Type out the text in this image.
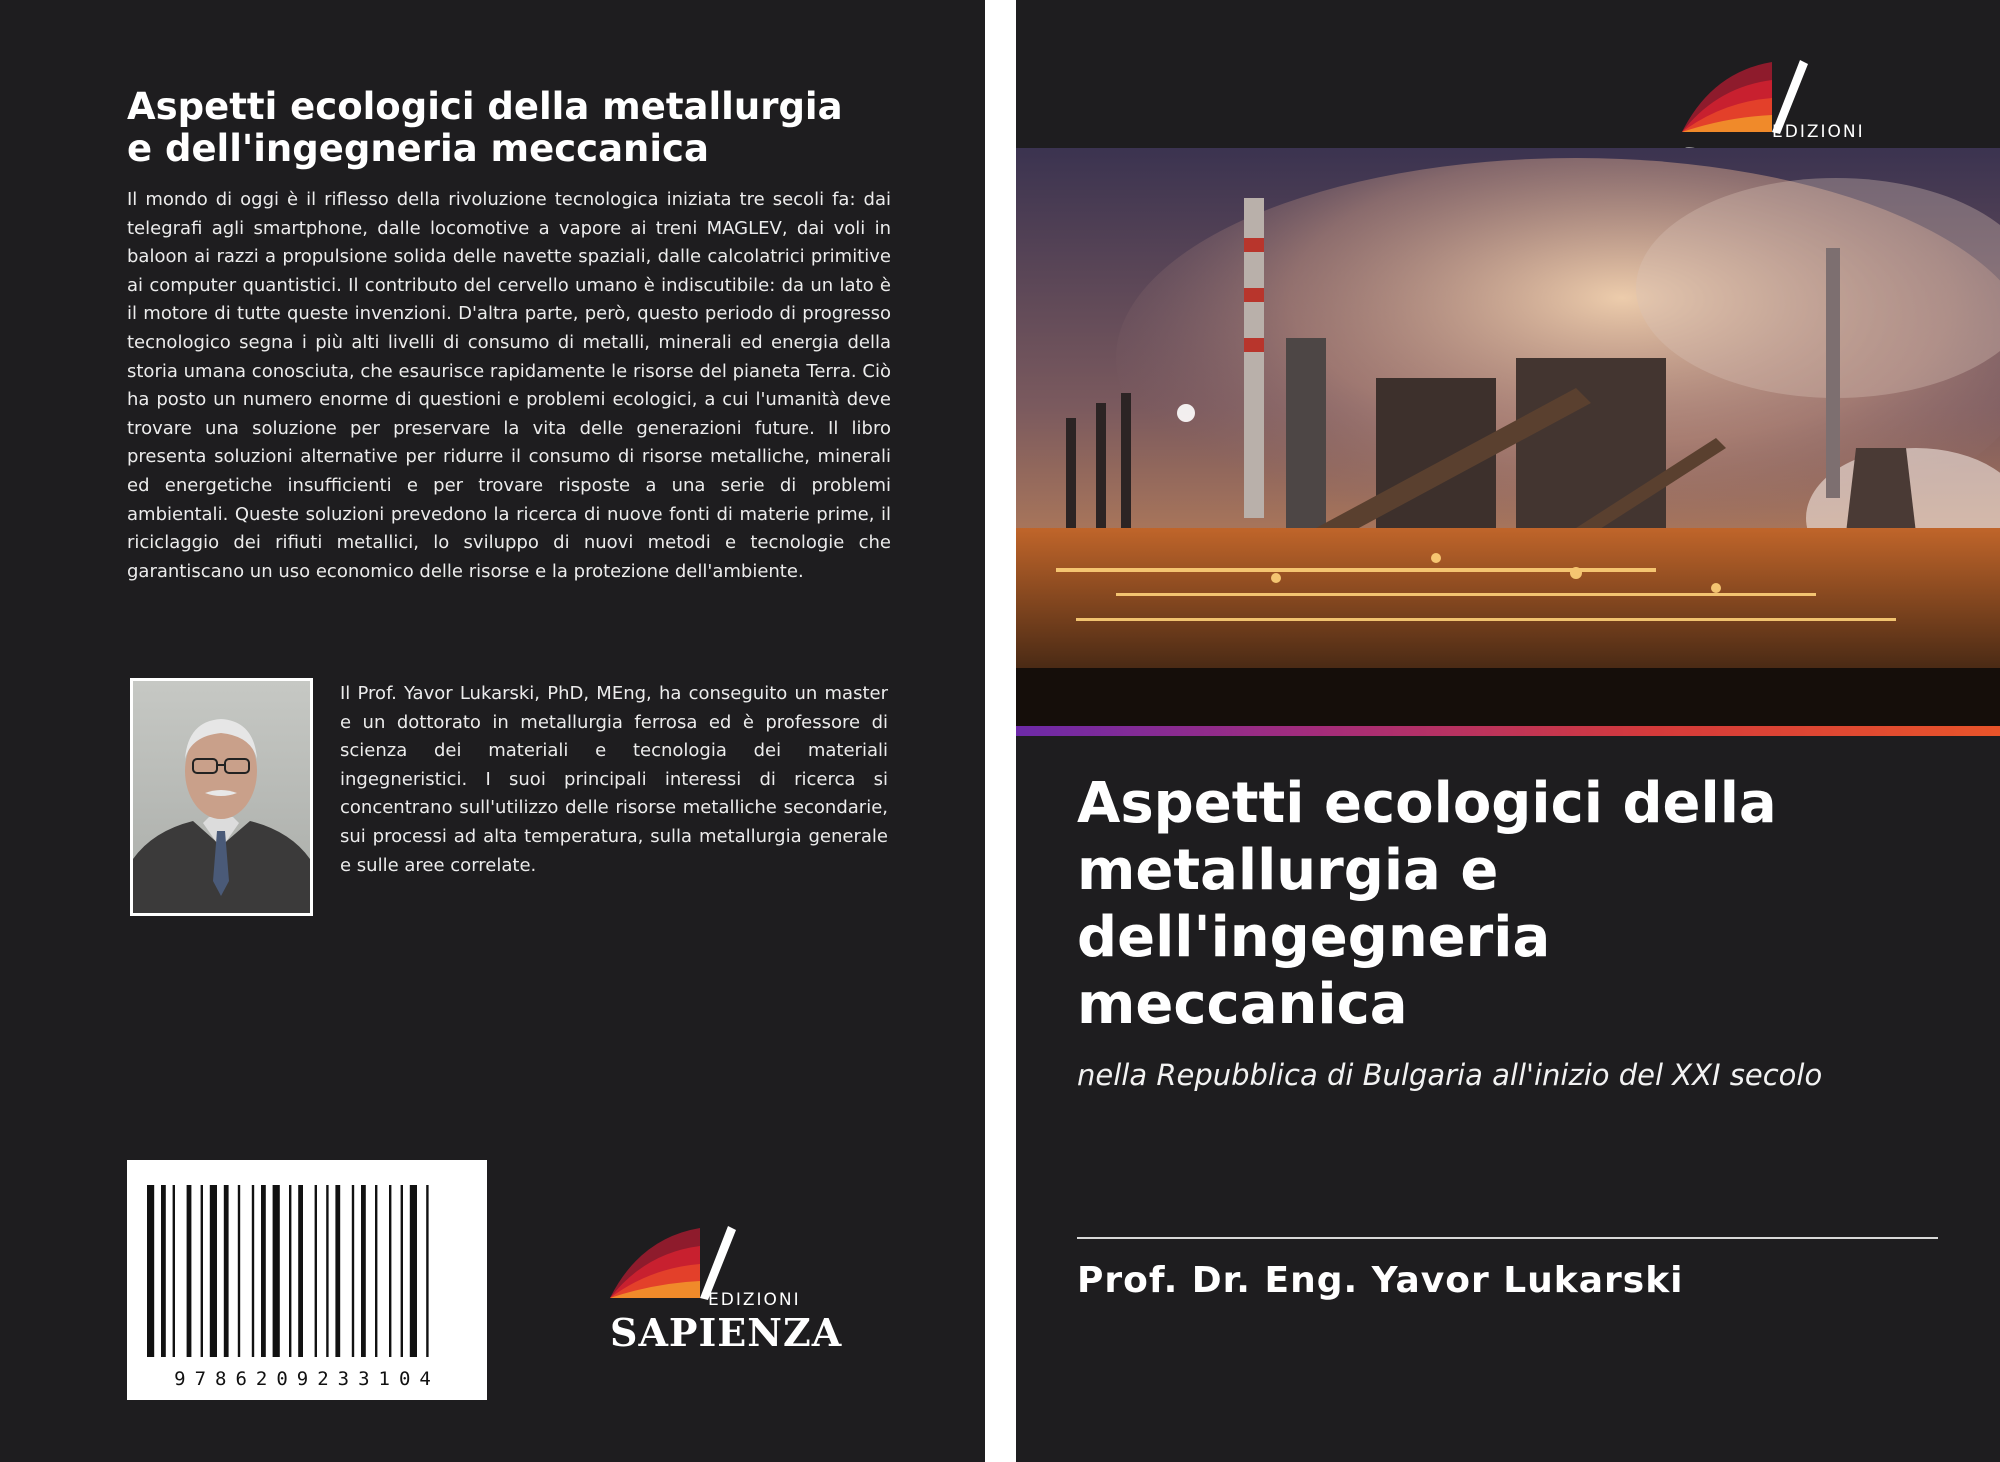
Aspetti ecologici della metallurgia
e dell'ingegneria meccanica

Il mondo di oggi è il riflesso della rivoluzione tecnologica iniziata tre secoli fa: dai telegrafi agli smartphone, dalle locomotive a vapore ai treni MAGLEV, dai voli in baloon ai razzi a propulsione solida delle navette spaziali, dalle calcolatrici primitive ai computer quantistici. Il contributo del cervello umano è indiscutibile: da un lato è il motore di tutte queste invenzioni. D'altra parte, però, questo periodo di progresso tecnologico segna i più alti livelli di consumo di metalli, minerali ed energia della storia umana conosciuta, che esaurisce rapidamente le risorse del pianeta Terra. Ciò ha posto un numero enorme di questioni e problemi ecologici, a cui l'umanità deve trovare una soluzione per preservare la vita delle generazioni future. Il libro presenta soluzioni alternative per ridurre il consumo di risorse metalliche, minerali ed energetiche insufficienti e per trovare risposte a una serie di problemi ambientali. Queste soluzioni prevedono la ricerca di nuove fonti di materie prime, il riciclaggio dei rifiuti metallici, lo sviluppo di nuovi metodi e tecnologie che garantiscano un uso economico delle risorse e la protezione dell'ambiente.

Il Prof. Yavor Lukarski, PhD, MEng, ha conseguito un master e un dottorato in metallurgia ferrosa ed è professore di scienza dei materiali e tecnologia dei materiali ingegneristici. I suoi principali interessi di ricerca si concentrano sull'utilizzo delle risorse metalliche secondarie, sui processi ad alta temperatura, sulla metallurgia generale e sulle aree correlate.

9786209233104
EDIZIONI
SAPIENZA
EDIZIONI
Aspetti ecologici della
metallurgia e
dell'ingegneria
meccanica

nella Repubblica di Bulgaria all'inizio del XXI secolo

Prof. Dr. Eng. Yavor Lukarski
